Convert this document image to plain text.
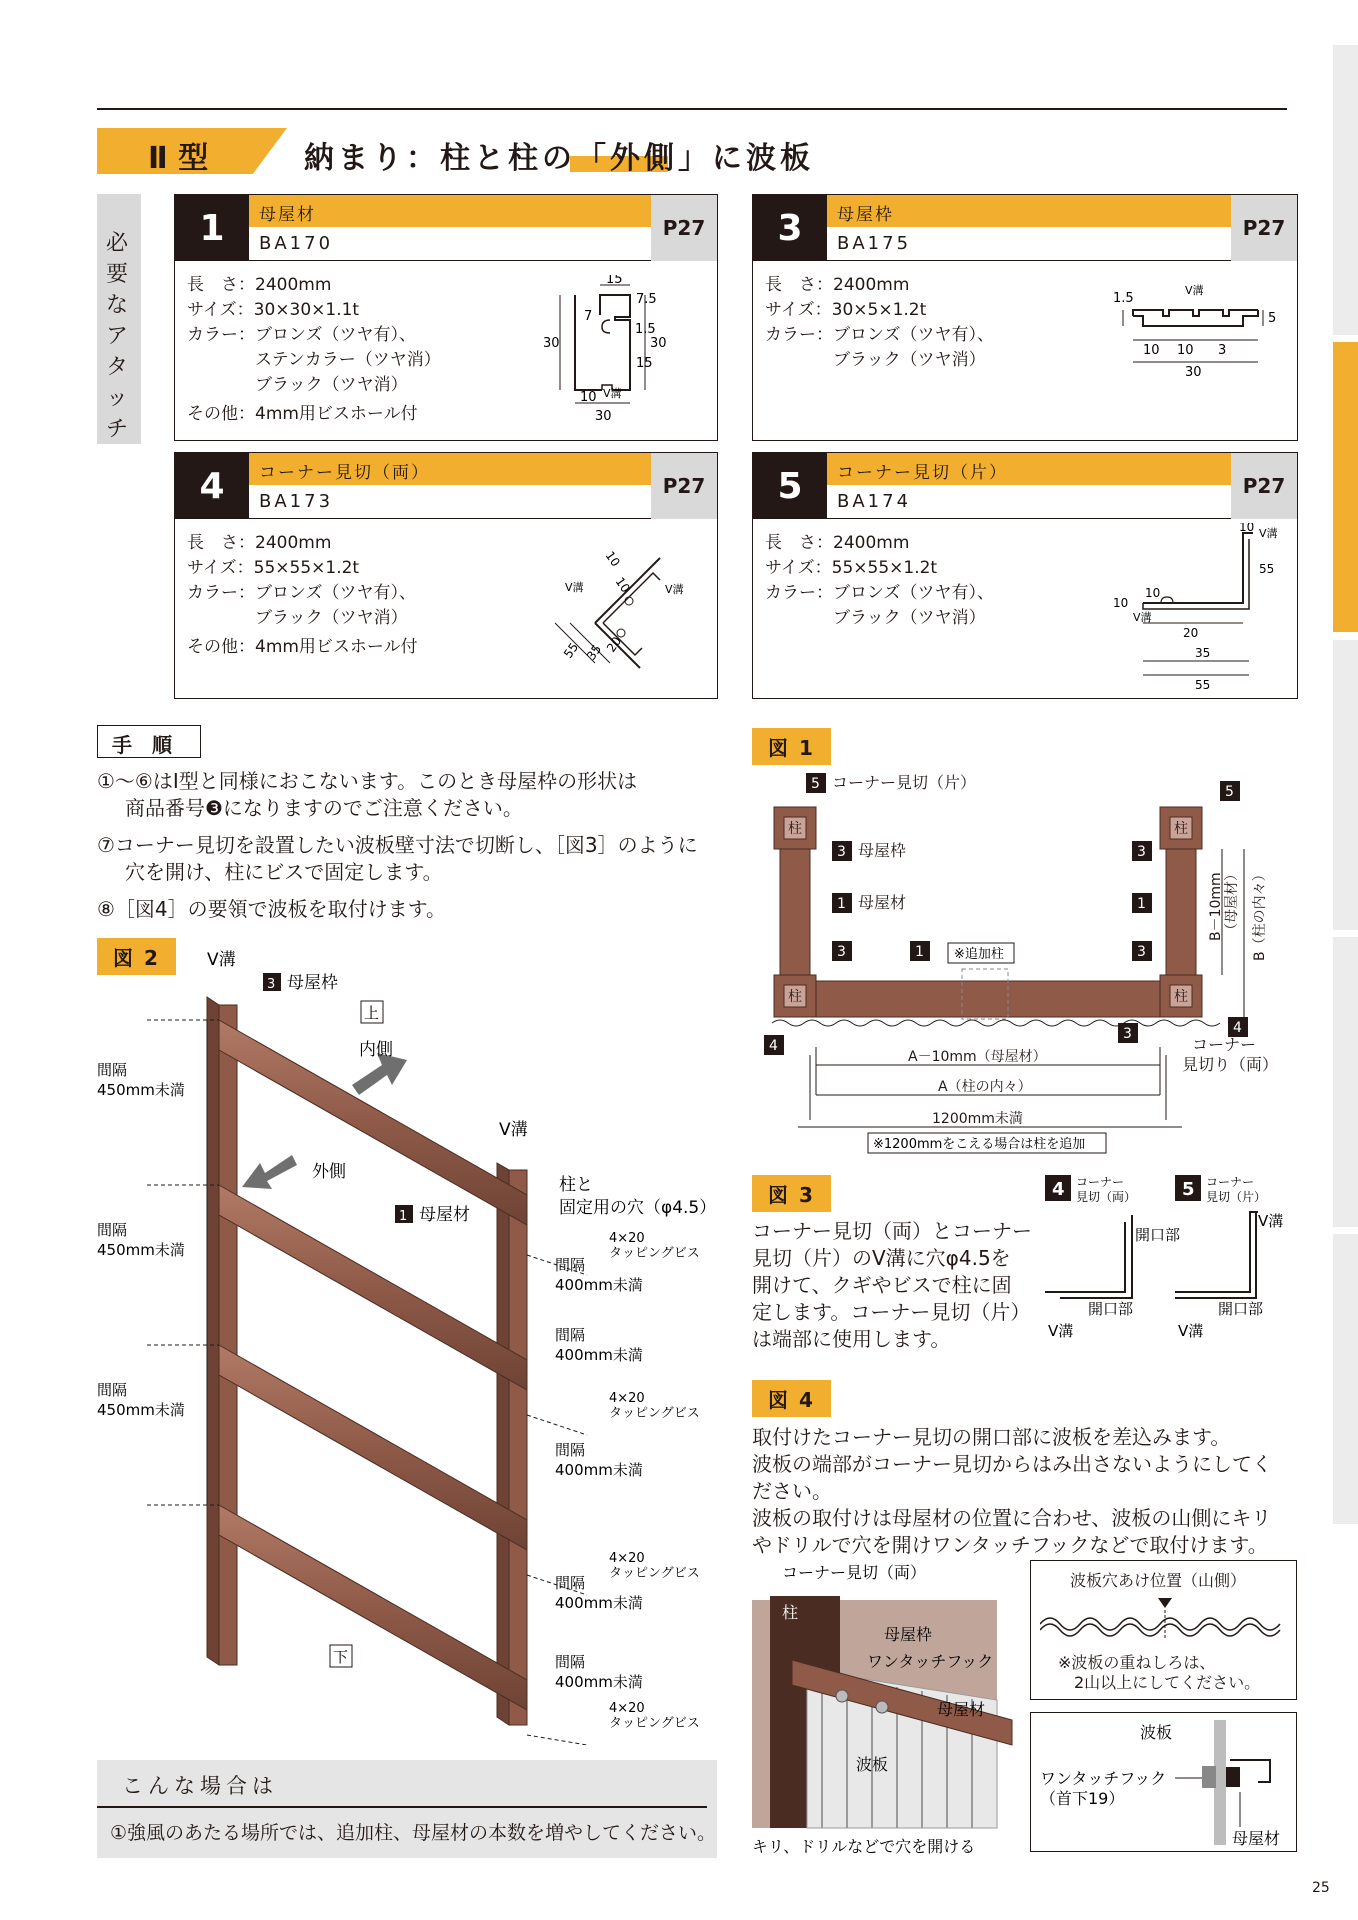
Ⅱ 型	納まり：柱と柱の「外側」に波板
必要なアタッチ
1	母屋材
BA170
P27
長　さ：2400mm
サイズ：30×30×1.1t
カラー：ブロンズ（ツヤ有）、
　　　　ステンカラー（ツヤ消）
　　　　ブラック（ツヤ消）
その他：4mm用ビスホール付
30	30
15
7.5
7
1.5
15
10 V溝
30
3	母屋枠
BA175
P27
長　さ：2400mm
サイズ：30×5×1.2t
カラー：ブロンズ（ツヤ有）、
　　　　ブラック（ツヤ消）
1.5
V溝
5
10 10 3
30
4	コーナー見切（両）
BA173
P27
長　さ：2400mm
サイズ：55×55×1.2t
カラー：ブロンズ（ツヤ有）、
　　　　ブラック（ツヤ消）
その他：4mm用ビスホール付
10
V溝	V溝
10
20
35
55
5	コーナー見切（片）
BA174
P27
長　さ：2400mm
サイズ：55×55×1.2t
カラー：ブロンズ（ツヤ有）、
　　　　ブラック（ツヤ消）
10 V溝
55
10
10
V溝
20
35
55
手　順
①～⑥はⅠ型と同様におこないます。このとき母屋枠の形状は
商品番号❸になりますのでご注意ください。
⑦コーナー見切を設置したい波板壁寸法で切断し、［図3］のように
穴を開け、柱にビスで固定します。
⑧［図4］の要領で波板を取付けます。
図 2
上
下
V溝
3 母屋枠
内側
外側
V溝
1 母屋材
柱と
固定用の穴（φ4.5）
4×20
タッピングビス
4×20
タッピングビス
4×20
タッピングビス
4×20
タッピングビス
間隔
450mm未満
間隔
450mm未満
間隔
450mm未満
間隔
400mm未満
間隔
400mm未満
間隔
400mm未満
間隔
400mm未満
間隔
400mm未満
こんな場合は
①強風のあたる場所では、追加柱、母屋材の本数を増やしてください。
図 1
柱	柱
柱	柱
5	5
3	3
1	1
3	3
1
4
3	4
コーナー見切（片）
母屋枠
母屋材
コーナー
見切り（両）
※追加柱
A－10mm（母屋材）
A（柱の内々）
1200mm未満
※1200mmをこえる場合は柱を追加
B－10mm （母屋材） B（柱の内々）
図 3
コーナー見切（両）とコーナー
見切（片）のV溝に穴φ4.5を
開けて、クギやビスで柱に固
定します。コーナー見切（片）
は端部に使用します。
4	5
コーナー
見切（両）
コーナー
見切（片）
開口部
開口部	開口部
V溝	V溝
V溝
図 4
取付けたコーナー見切の開口部に波板を差込みます。
波板の端部がコーナー見切からはみ出さないようにしてく
ださい。
波板の取付けは母屋材の位置に合わせ、波板の山側にキリ
やドリルで穴を開けワンタッチフックなどで取付けます。
柱
コーナー見切（両）
母屋枠
ワンタッチフック
母屋材
波板
キリ、ドリルなどで穴を開ける
波板穴あけ位置（山側）
※波板の重ねしろは、
2山以上にしてください。
波板
ワンタッチフック
（首下19）
母屋材
25
